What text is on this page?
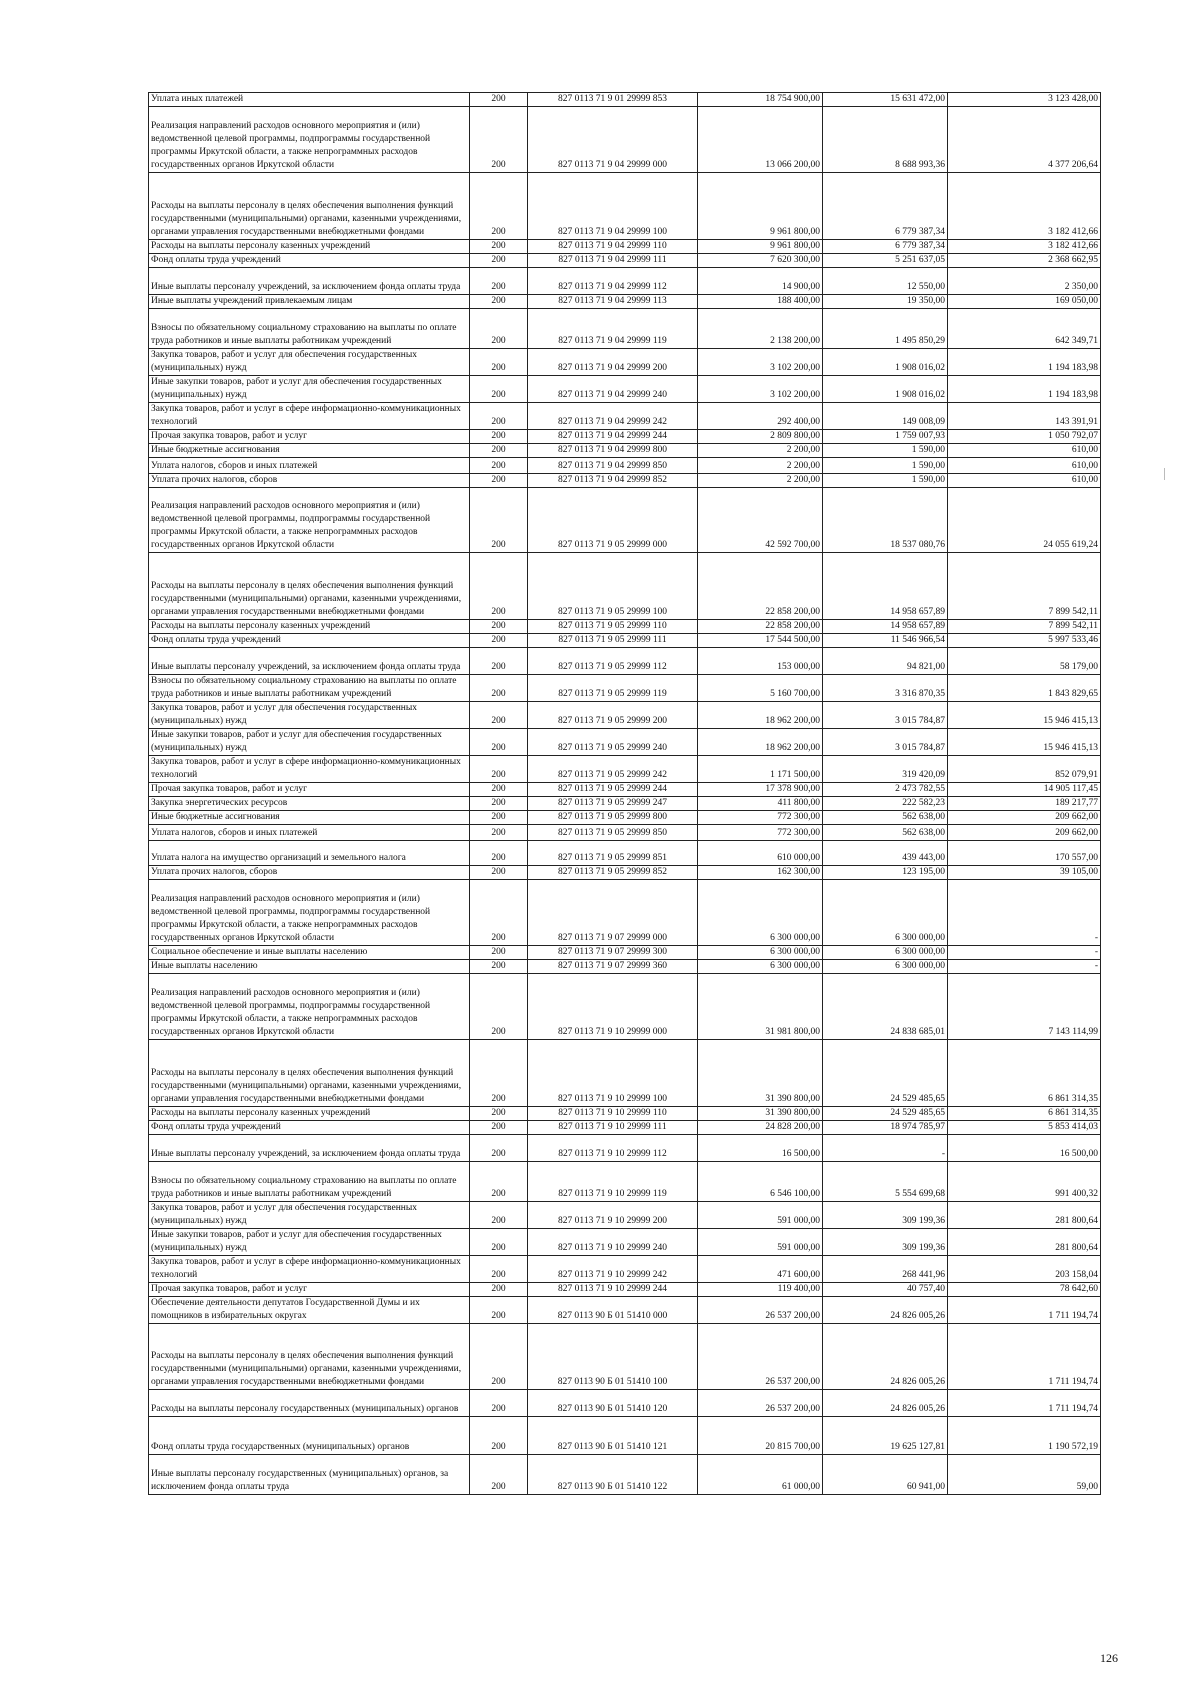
Уплата иных платежей	200	827 0113 71 9 01 29999 853	18 754 900,00	15 631 472,00	3 123 428,00
Реализация направлений расходов основного мероприятия и (или) ведомственной целевой программы, подпрограммы государственной программы Иркутской области, а также непрограммных расходов государственных органов Иркутской области	200	827 0113 71 9 04 29999 000	13 066 200,00	8 688 993,36	4 377 206,64
Расходы на выплаты персоналу в целях обеспечения выполнения функций государственными (муниципальными) органами, казенными учреждениями, органами управления государственными внебюджетными фондами	200	827 0113 71 9 04 29999 100	9 961 800,00	6 779 387,34	3 182 412,66
Расходы на выплаты персоналу казенных учреждений	200	827 0113 71 9 04 29999 110	9 961 800,00	6 779 387,34	3 182 412,66
Фонд оплаты труда учреждений	200	827 0113 71 9 04 29999 111	7 620 300,00	5 251 637,05	2 368 662,95
Иные выплаты персоналу учреждений, за исключением фонда оплаты труда	200	827 0113 71 9 04 29999 112	14 900,00	12 550,00	2 350,00
Иные выплаты учреждений привлекаемым лицам	200	827 0113 71 9 04 29999 113	188 400,00	19 350,00	169 050,00
Взносы по обязательному социальному страхованию на выплаты по оплате труда работников и иные выплаты работникам учреждений	200	827 0113 71 9 04 29999 119	2 138 200,00	1 495 850,29	642 349,71
Закупка товаров, работ и услуг для обеспечения государственных (муниципальных) нужд	200	827 0113 71 9 04 29999 200	3 102 200,00	1 908 016,02	1 194 183,98
Иные закупки товаров, работ и услуг для обеспечения государственных (муниципальных) нужд	200	827 0113 71 9 04 29999 240	3 102 200,00	1 908 016,02	1 194 183,98
Закупка товаров, работ и услуг в сфере информационно-коммуникационных технологий	200	827 0113 71 9 04 29999 242	292 400,00	149 008,09	143 391,91
Прочая закупка товаров, работ и услуг	200	827 0113 71 9 04 29999 244	2 809 800,00	1 759 007,93	1 050 792,07
Иные бюджетные ассигнования	200	827 0113 71 9 04 29999 800	2 200,00	1 590,00	610,00
Уплата налогов, сборов и иных платежей	200	827 0113 71 9 04 29999 850	2 200,00	1 590,00	610,00
Уплата прочих налогов, сборов	200	827 0113 71 9 04 29999 852	2 200,00	1 590,00	610,00
Реализация направлений расходов основного мероприятия и (или) ведомственной целевой программы, подпрограммы государственной программы Иркутской области, а также непрограммных расходов государственных органов Иркутской области	200	827 0113 71 9 05 29999 000	42 592 700,00	18 537 080,76	24 055 619,24
Расходы на выплаты персоналу в целях обеспечения выполнения функций государственными (муниципальными) органами, казенными учреждениями, органами управления государственными внебюджетными фондами	200	827 0113 71 9 05 29999 100	22 858 200,00	14 958 657,89	7 899 542,11
Расходы на выплаты персоналу казенных учреждений	200	827 0113 71 9 05 29999 110	22 858 200,00	14 958 657,89	7 899 542,11
Фонд оплаты труда учреждений	200	827 0113 71 9 05 29999 111	17 544 500,00	11 546 966,54	5 997 533,46
Иные выплаты персоналу учреждений, за исключением фонда оплаты труда	200	827 0113 71 9 05 29999 112	153 000,00	94 821,00	58 179,00
Взносы по обязательному социальному страхованию на выплаты по оплате труда работников и иные выплаты работникам учреждений	200	827 0113 71 9 05 29999 119	5 160 700,00	3 316 870,35	1 843 829,65
Закупка товаров, работ и услуг для обеспечения государственных (муниципальных) нужд	200	827 0113 71 9 05 29999 200	18 962 200,00	3 015 784,87	15 946 415,13
Иные закупки товаров, работ и услуг для обеспечения государственных (муниципальных) нужд	200	827 0113 71 9 05 29999 240	18 962 200,00	3 015 784,87	15 946 415,13
Закупка товаров, работ и услуг в сфере информационно-коммуникационных технологий	200	827 0113 71 9 05 29999 242	1 171 500,00	319 420,09	852 079,91
Прочая закупка товаров, работ и услуг	200	827 0113 71 9 05 29999 244	17 378 900,00	2 473 782,55	14 905 117,45
Закупка энергетических ресурсов	200	827 0113 71 9 05 29999 247	411 800,00	222 582,23	189 217,77
Иные бюджетные ассигнования	200	827 0113 71 9 05 29999 800	772 300,00	562 638,00	209 662,00
Уплата налогов, сборов и иных платежей	200	827 0113 71 9 05 29999 850	772 300,00	562 638,00	209 662,00
Уплата налога на имущество организаций и земельного налога	200	827 0113 71 9 05 29999 851	610 000,00	439 443,00	170 557,00
Уплата прочих налогов, сборов	200	827 0113 71 9 05 29999 852	162 300,00	123 195,00	39 105,00
Реализация направлений расходов основного мероприятия и (или) ведомственной целевой программы, подпрограммы государственной программы Иркутской области, а также непрограммных расходов государственных органов Иркутской области	200	827 0113 71 9 07 29999 000	6 300 000,00	6 300 000,00	-
Социальное обеспечение и иные выплаты населению	200	827 0113 71 9 07 29999 300	6 300 000,00	6 300 000,00	-
Иные выплаты населению	200	827 0113 71 9 07 29999 360	6 300 000,00	6 300 000,00	-
Реализация направлений расходов основного мероприятия и (или) ведомственной целевой программы, подпрограммы государственной программы Иркутской области, а также непрограммных расходов государственных органов Иркутской области	200	827 0113 71 9 10 29999 000	31 981 800,00	24 838 685,01	7 143 114,99
Расходы на выплаты персоналу в целях обеспечения выполнения функций государственными (муниципальными) органами, казенными учреждениями, органами управления государственными внебюджетными фондами	200	827 0113 71 9 10 29999 100	31 390 800,00	24 529 485,65	6 861 314,35
Расходы на выплаты персоналу казенных учреждений	200	827 0113 71 9 10 29999 110	31 390 800,00	24 529 485,65	6 861 314,35
Фонд оплаты труда учреждений	200	827 0113 71 9 10 29999 111	24 828 200,00	18 974 785,97	5 853 414,03
Иные выплаты персоналу учреждений, за исключением фонда оплаты труда	200	827 0113 71 9 10 29999 112	16 500,00	-	16 500,00
Взносы по обязательному социальному страхованию на выплаты по оплате труда работников и иные выплаты работникам учреждений	200	827 0113 71 9 10 29999 119	6 546 100,00	5 554 699,68	991 400,32
Закупка товаров, работ и услуг для обеспечения государственных (муниципальных) нужд	200	827 0113 71 9 10 29999 200	591 000,00	309 199,36	281 800,64
Иные закупки товаров, работ и услуг для обеспечения государственных (муниципальных) нужд	200	827 0113 71 9 10 29999 240	591 000,00	309 199,36	281 800,64
Закупка товаров, работ и услуг в сфере информационно-коммуникационных технологий	200	827 0113 71 9 10 29999 242	471 600,00	268 441,96	203 158,04
Прочая закупка товаров, работ и услуг	200	827 0113 71 9 10 29999 244	119 400,00	40 757,40	78 642,60
Обеспечение деятельности депутатов Государственной Думы и их помощников в избирательных округах	200	827 0113 90 Б 01 51410 000	26 537 200,00	24 826 005,26	1 711 194,74
Расходы на выплаты персоналу в целях обеспечения выполнения функций государственными (муниципальными) органами, казенными учреждениями, органами управления государственными внебюджетными фондами	200	827 0113 90 Б 01 51410 100	26 537 200,00	24 826 005,26	1 711 194,74
Расходы на выплаты персоналу государственных (муниципальных) органов	200	827 0113 90 Б 01 51410 120	26 537 200,00	24 826 005,26	1 711 194,74
Фонд оплаты труда государственных (муниципальных) органов	200	827 0113 90 Б 01 51410 121	20 815 700,00	19 625 127,81	1 190 572,19
Иные выплаты персоналу государственных (муниципальных) органов, за исключением фонда оплаты труда	200	827 0113 90 Б 01 51410 122	61 000,00	60 941,00	59,00
126
